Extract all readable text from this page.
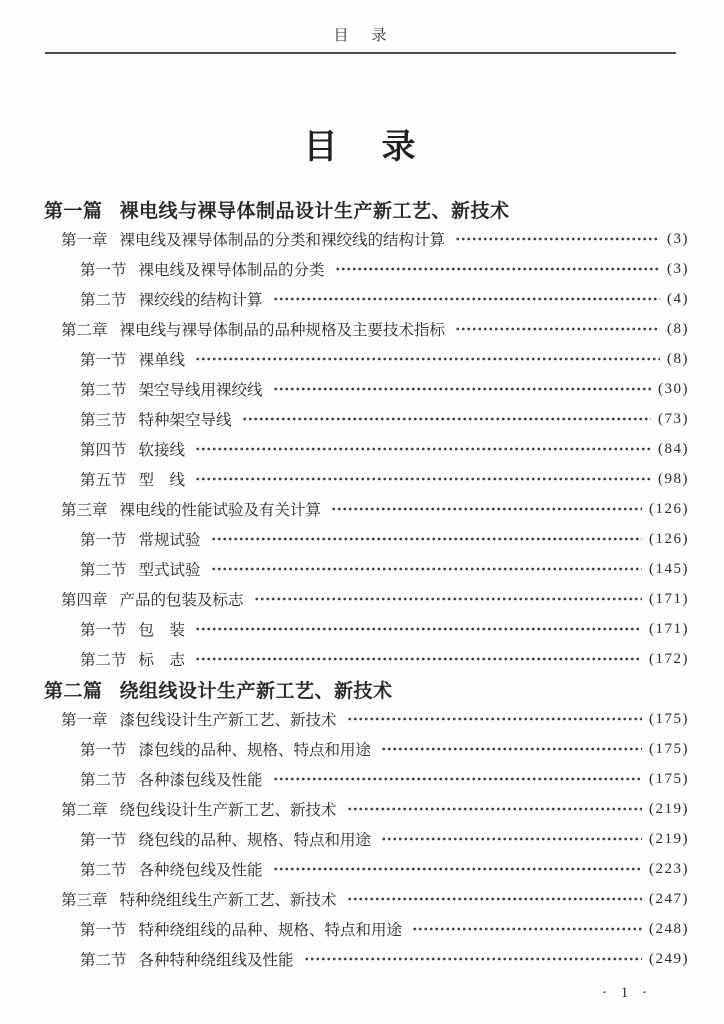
目　录
目　录
第一篇 裸电线与裸导体制品设计生产新工艺、新技术
第一章 裸电线及裸导体制品的分类和裸绞线的结构计算	(3)
第一节 裸电线及裸导体制品的分类	(3)
第二节 裸绞线的结构计算	(4)
第二章 裸电线与裸导体制品的品种规格及主要技术指标	(8)
第一节 裸单线	(8)
第二节 架空导线用裸绞线	(30)
第三节 特种架空导线	(73)
第四节 软接线	(84)
第五节 型　线	(98)
第三章 裸电线的性能试验及有关计算	(126)
第一节 常规试验	(126)
第二节 型式试验	(145)
第四章 产品的包装及标志	(171)
第一节 包　装	(171)
第二节 标　志	(172)
第二篇 绕组线设计生产新工艺、新技术
第一章 漆包线设计生产新工艺、新技术	(175)
第一节 漆包线的品种、规格、特点和用途	(175)
第二节 各种漆包线及性能	(175)
第二章 绕包线设计生产新工艺、新技术	(219)
第一节 绕包线的品种、规格、特点和用途	(219)
第二节 各种绕包线及性能	(223)
第三章 特种绕组线生产新工艺、新技术	(247)
第一节 特种绕组线的品种、规格、特点和用途	(248)
第二节 各种特种绕组线及性能	(249)
· 1 ·
